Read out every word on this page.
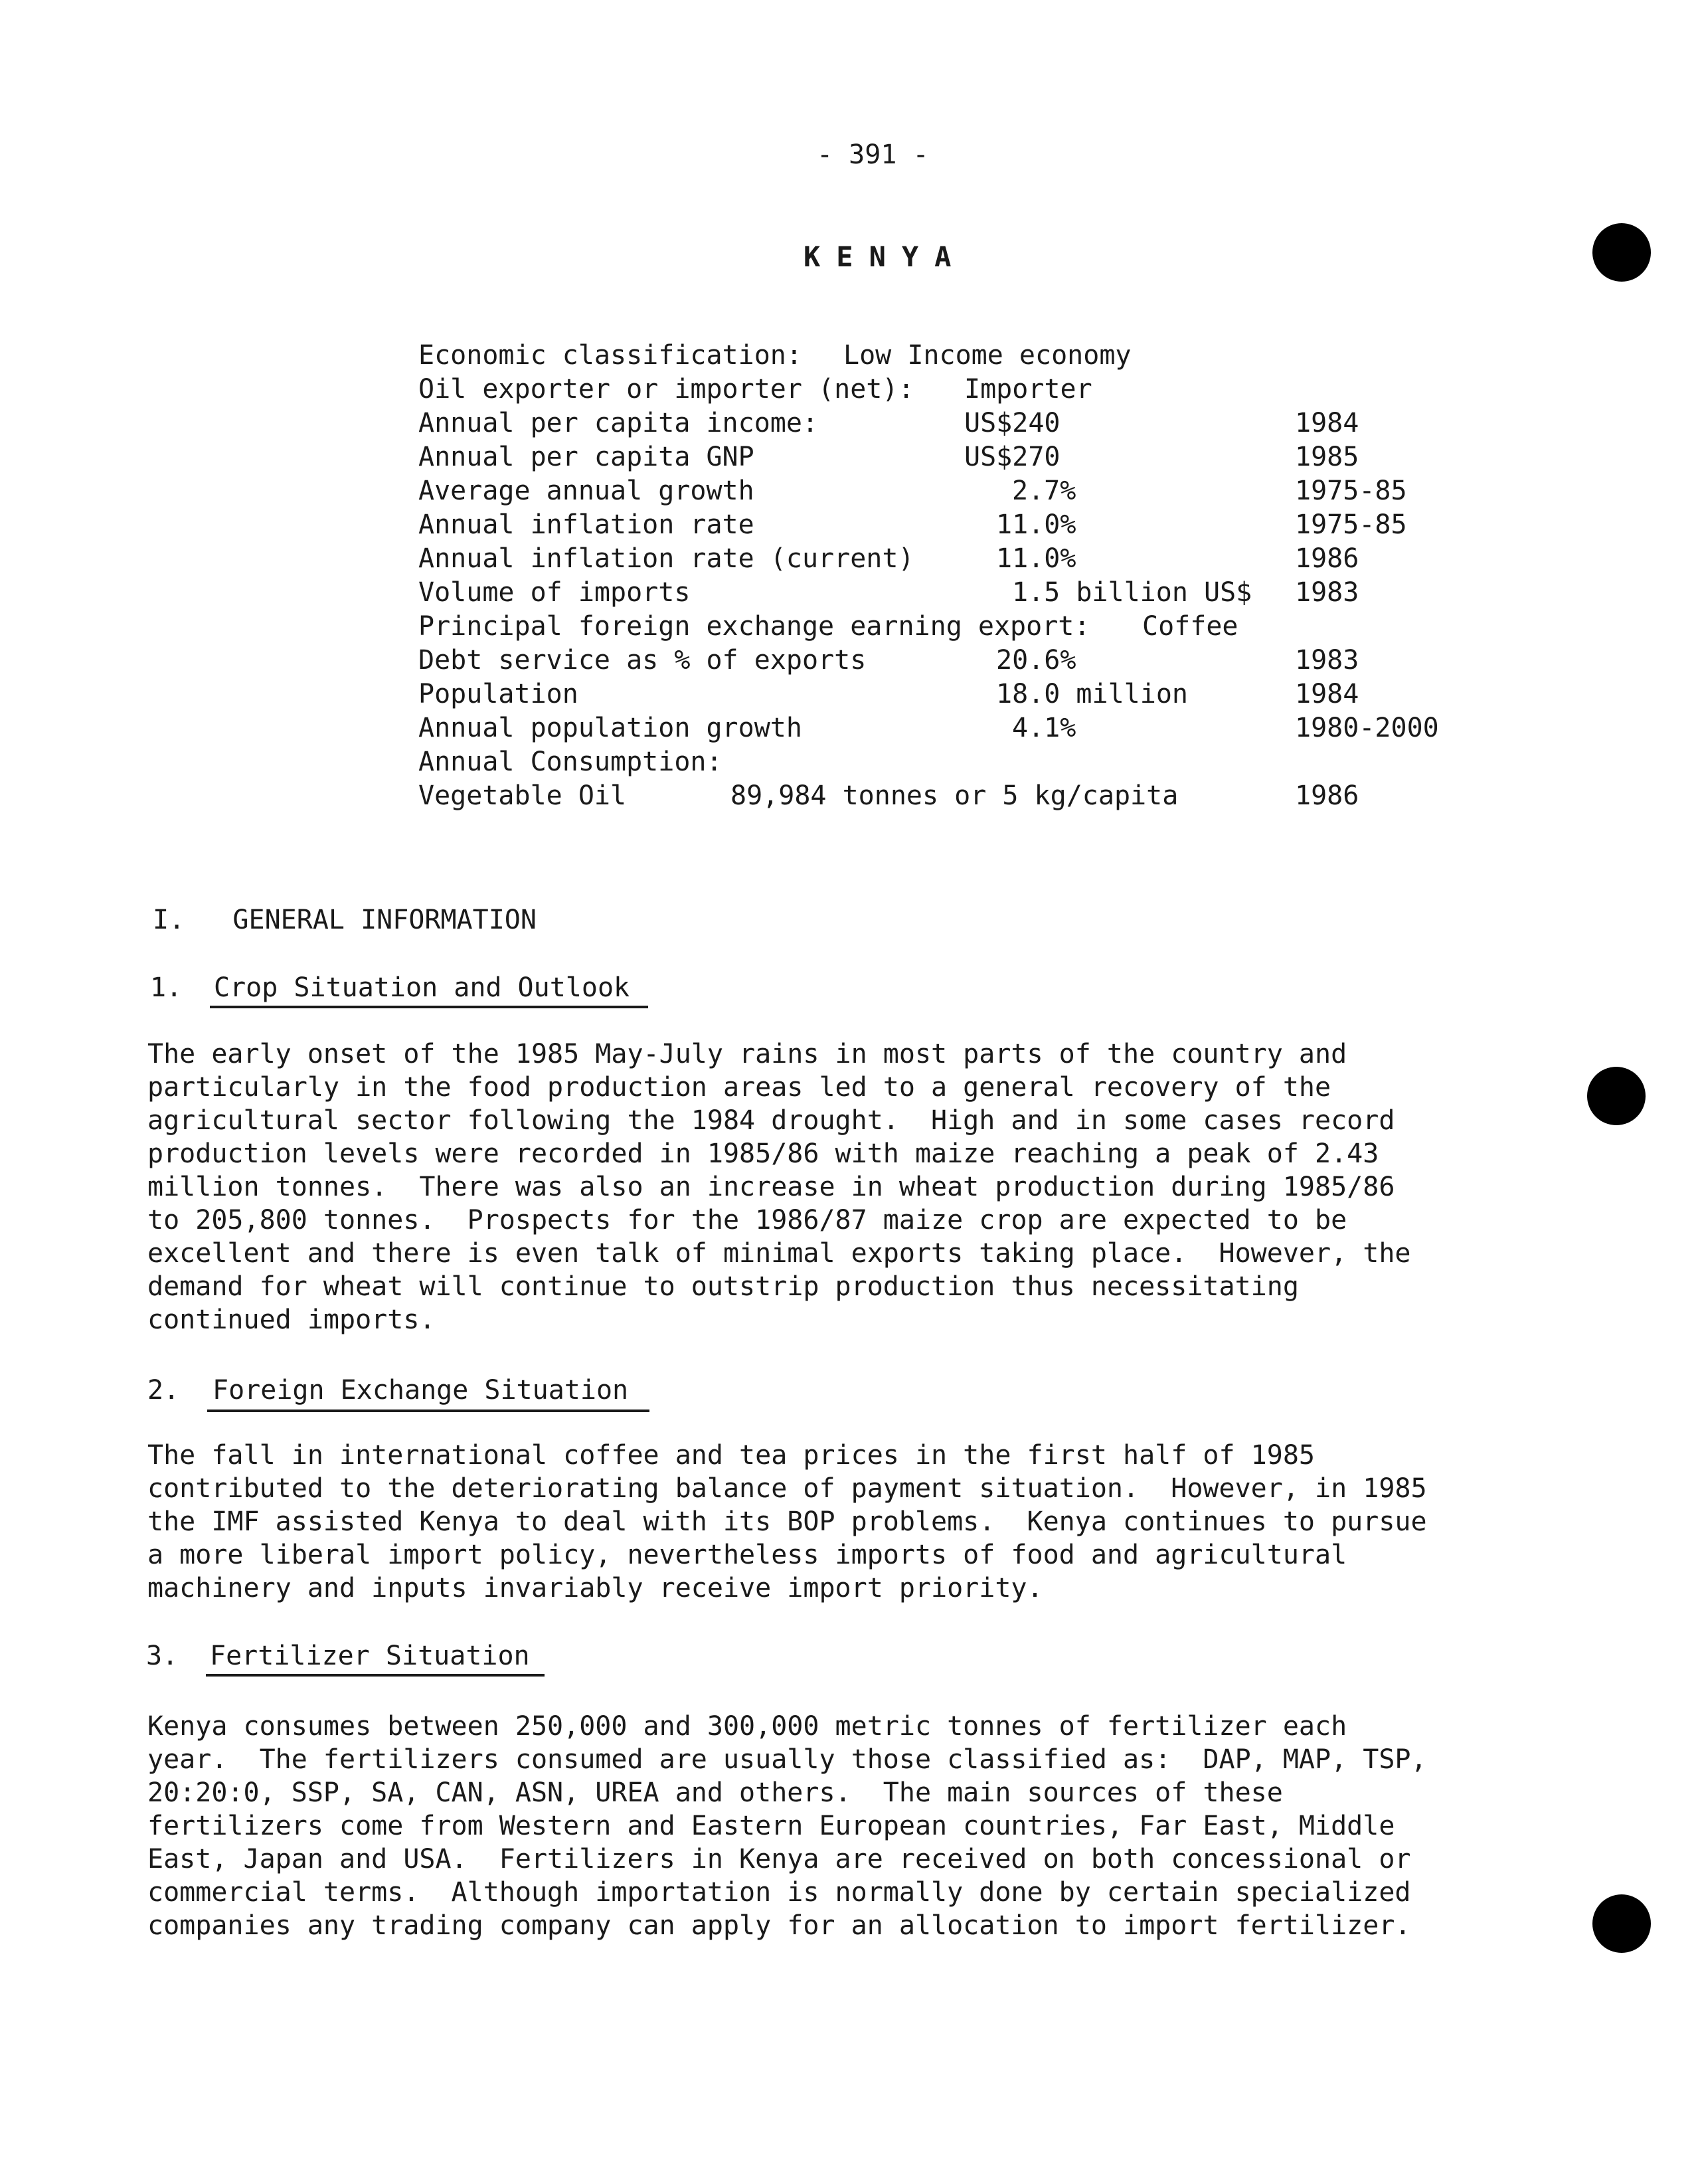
- 391 -
KENYA
Economic classification: Low Income economy
Oil exporter or importer (net): Importer
Annual per capita income:	US$240	1984
Annual per capita GNP	US$270	1985
Average annual growth	2.7%	1975-85
Annual inflation rate	11.0%	1975-85
Annual inflation rate (current)	11.0%	1986
Volume of imports	1.5 billion US$ 1983
Principal foreign exchange earning export: Coffee
Debt service as % of exports	20.6%	1983
Population	18.0 million	1984
Annual population growth	4.1%	1980-2000
Annual Consumption:
Vegetable Oil	89,984 tonnes or 5 kg/capita	1986
I.   GENERAL INFORMATION
1. Crop Situation and Outlook
The early onset of the 1985 May-July rains in most parts of the country and
particularly in the food production areas led to a general recovery of the
agricultural sector following the 1984 drought.  High and in some cases record
production levels were recorded in 1985/86 with maize reaching a peak of 2.43
million tonnes.  There was also an increase in wheat production during 1985/86
to 205,800 tonnes.  Prospects for the 1986/87 maize crop are expected to be
excellent and there is even talk of minimal exports taking place.  However, the
demand for wheat will continue to outstrip production thus necessitating
continued imports.
2. Foreign Exchange Situation
The fall in international coffee and tea prices in the first half of 1985
contributed to the deteriorating balance of payment situation.  However, in 1985
the IMF assisted Kenya to deal with its BOP problems.  Kenya continues to pursue
a more liberal import policy, nevertheless imports of food and agricultural
machinery and inputs invariably receive import priority.
3. Fertilizer Situation
Kenya consumes between 250,000 and 300,000 metric tonnes of fertilizer each
year.  The fertilizers consumed are usually those classified as:  DAP, MAP, TSP,
20:20:0, SSP, SA, CAN, ASN, UREA and others.  The main sources of these
fertilizers come from Western and Eastern European countries, Far East, Middle
East, Japan and USA.  Fertilizers in Kenya are received on both concessional or
commercial terms.  Although importation is normally done by certain specialized
companies any trading company can apply for an allocation to import fertilizer.
